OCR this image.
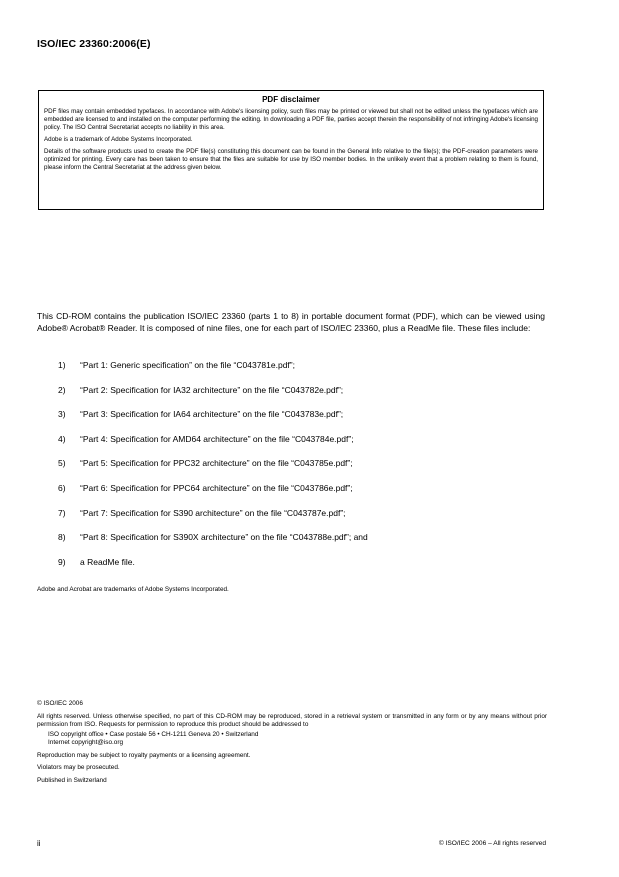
ISO/IEC 23360:2006(E)
PDF disclaimer

PDF files may contain embedded typefaces. In accordance with Adobe's licensing policy, such files may be printed or viewed but shall not be edited unless the typefaces which are embedded are licensed to and installed on the computer performing the editing. In downloading a PDF file, parties accept therein the responsibility of not infringing Adobe's licensing policy. The ISO Central Secretariat accepts no liability in this area.

Adobe is a trademark of Adobe Systems Incorporated.

Details of the software products used to create the PDF file(s) constituting this document can be found in the General Info relative to the file(s); the PDF-creation parameters were optimized for printing. Every care has been taken to ensure that the files are suitable for use by ISO member bodies. In the unlikely event that a problem relating to them is found, please inform the Central Secretariat at the address given below.

This CD-ROM contains the publication ISO/IEC 23360 (parts 1 to 8) in portable document format (PDF), which can be viewed using Adobe® Acrobat® Reader. It is composed of nine files, one for each part of ISO/IEC 23360, plus a ReadMe file. These files include:

1) “Part 1: Generic specification” on the file “C043781e.pdf”;
2) “Part 2: Specification for IA32 architecture” on the file “C043782e.pdf”;
3) “Part 3: Specification for IA64 architecture” on the file “C043783e.pdf”;
4) “Part 4: Specification for AMD64 architecture” on the file “C043784e.pdf”;
5) “Part 5: Specification for PPC32 architecture” on the file “C043785e.pdf”;
6) “Part 6: Specification for PPC64 architecture” on the file “C043786e.pdf”;
7) “Part 7: Specification for S390 architecture” on the file “C043787e.pdf”;
8) “Part 8: Specification for S390X architecture” on the file “C043788e.pdf”; and
9) a ReadMe file.

Adobe and Acrobat are trademarks of Adobe Systems Incorporated.

© ISO/IEC 2006

All rights reserved. Unless otherwise specified, no part of this CD-ROM may be reproduced, stored in a retrieval system or transmitted in any form or by any means without prior permission from ISO. Requests for permission to reproduce this product should be addressed to

ISO copyright office • Case postale 56 • CH-1211 Geneva 20 • Switzerland

Internet copyright@iso.org

Reproduction may be subject to royalty payments or a licensing agreement.

Violators may be prosecuted.

Published in Switzerland

ii	© ISO/IEC 2006 – All rights reserved
